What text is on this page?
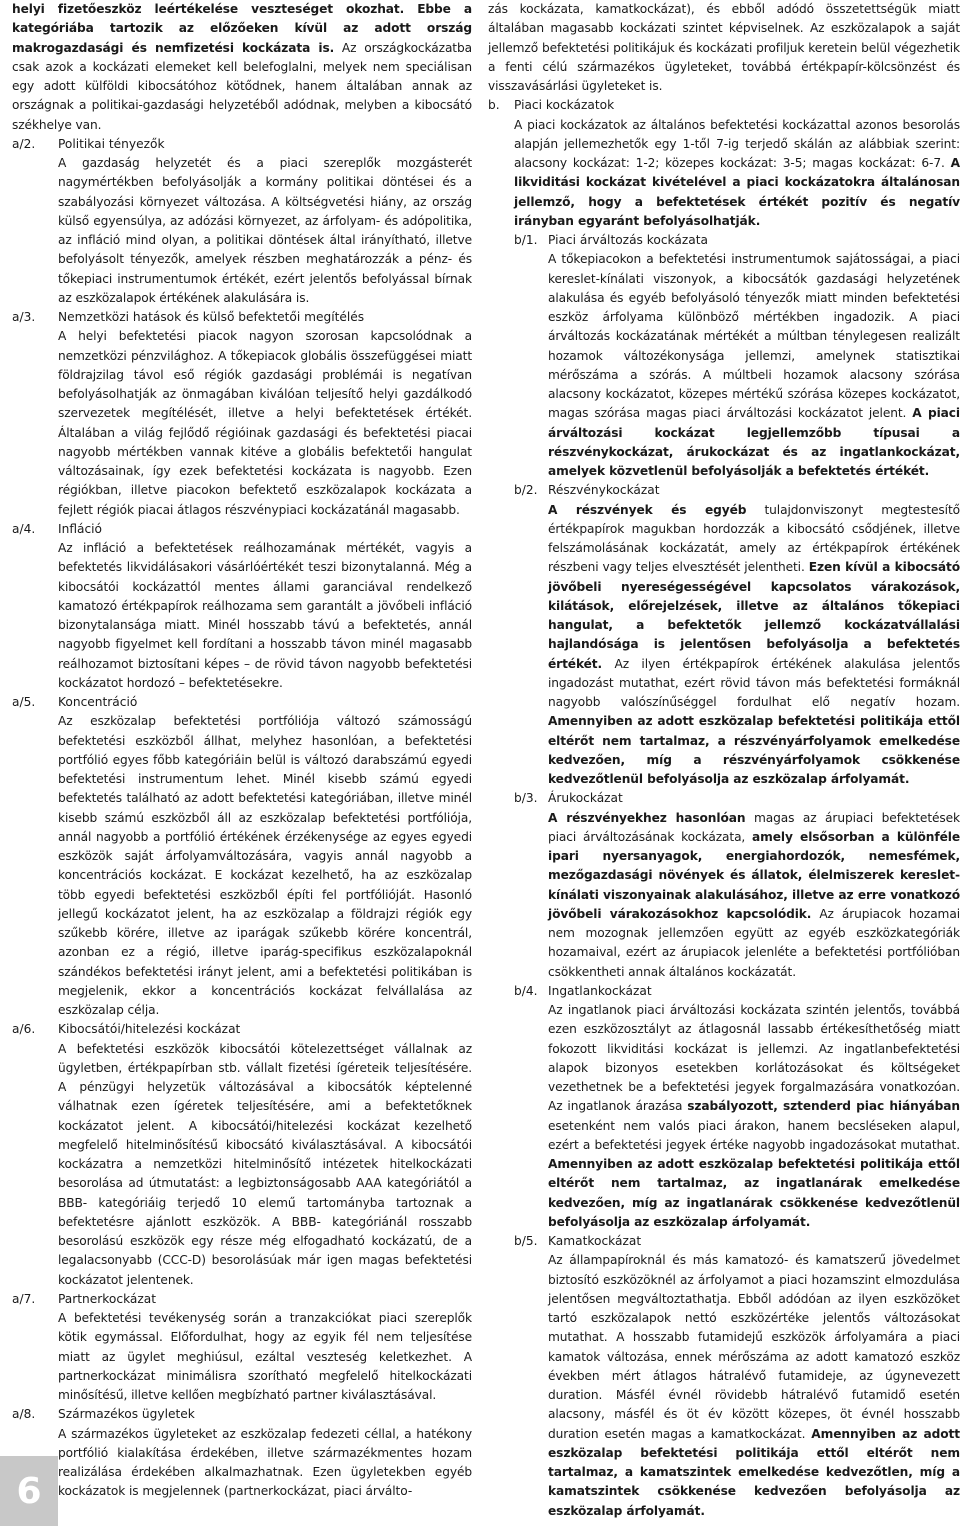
helyi fizetőeszköz leértékelése veszteséget okozhat. Ebbe a kategóriába tartozik az előzőeken kívül az adott ország makrogazdasági és nemfizetési kockázata is. Az országkockázatba csak azok a kockázati elemeket kell belefoglalni, melyek nem speciálisan egy adott külföldi kibocsátóhoz kötődnek, hanem általában annak az országnak a politikai-gazdasági helyzetéből adódnak, melyben a kibocsátó székhelye van.

a/2. Politikai tényezők

A gazdaság helyzetét és a piaci szereplők mozgásterét nagymértékben befolyásolják a kormány politikai döntései és a szabályozási környezet változása. A költségvetési hiány, az ország külső egyensúlya, az adózási környezet, az árfolyam- és adópolitika, az infláció mind olyan, a politikai döntések által irányítható, illetve befolyásolt tényezők, amelyek részben meghatározzák a pénz- és tőkepiaci instrumentumok értékét, ezért jelentős befolyással bírnak az eszközalapok értékének alakulására is.

a/3. Nemzetközi hatások és külső befektetői megítélés

A helyi befektetési piacok nagyon szorosan kapcsolódnak a nemzetközi pénzvilághoz. A tőkepiacok globális összefüggései miatt földrajzilag távol eső régiók gazdasági problémái is negatívan befolyásolhatják az önmagában kiválóan teljesítő helyi gazdálkodó szervezetek megítélését, illetve a helyi befektetések értékét. Általában a világ fejlődő régióinak gazdasági és befektetési piacai nagyobb mértékben vannak kitéve a globális befektetői hangulat változásainak, így ezek befektetési kockázata is nagyobb. Ezen régiókban, illetve piacokon befektető eszközalapok kockázata a fejlett régiók piacai átlagos részvénypiaci kockázatánál magasabb.

a/4. Infláció

Az infláció a befektetések reálhozamának mértékét, vagyis a befektetés likvidálásakori vásárlóértékét teszi bizonytalanná. Még a kibocsátói kockázattól mentes állami garanciával rendelkező kamatozó értékpapírok reálhozama sem garantált a jövőbeli infláció bizonytalansága miatt. Minél hosszabb távú a befektetés, annál nagyobb figyelmet kell fordítani a hosszabb távon minél magasabb reálhozamot biztosítani képes – de rövid távon nagyobb befektetési kockázatot hordozó – befektetésekre.

a/5. Koncentráció

Az eszközalap befektetési portfóliója változó számosságú befektetési eszközből állhat, melyhez hasonlóan, a befektetési portfólió egyes főbb kategóriáin belül is változó darabszámú egyedi befektetési instrumentum lehet. Minél kisebb számú egyedi befektetés található az adott befektetési kategóriában, illetve minél kisebb számú eszközből áll az eszközalap befektetési portfóliója, annál nagyobb a portfólió értékének érzékenysége az egyes egyedi eszközök saját árfolyamváltozására, vagyis annál nagyobb a koncentrációs kockázat. E kockázat kezelhető, ha az eszközalap több egyedi befektetési eszközből építi fel portfólióját. Hasonló jellegű kockázatot jelent, ha az eszközalap a földrajzi régiók egy szűkebb körére, illetve az iparágak szűkebb körére koncentrál, azonban ez a régió, illetve iparág-specifikus eszközalapoknál szándékos befektetési irányt jelent, ami a befektetési politikában is megjelenik, ekkor a koncentrációs kockázat felvállalása az eszközalap célja.

a/6. Kibocsátói/hitelezési kockázat

A befektetési eszközök kibocsátói kötelezettséget vállalnak az ügyletben, értékpapírban stb. vállalt fizetési ígéreteik teljesítésére. A pénzügyi helyzetük változásával a kibocsátók képtelenné válhatnak ezen ígéretek teljesítésére, ami a befektetőknek kockázatot jelent. A kibocsátói/hitelezési kockázat kezelhető megfelelő hitelminősítésű kibocsátó kiválasztásával. A kibocsátói kockázatra a nemzetközi hitelminősítő intézetek hitelkockázati besorolása ad útmutatást: a legbiztonságosabb AAA kategóriától a BBB- kategóriáig terjedő 10 elemű tartományba tartoznak a befektetésre ajánlott eszközök. A BBB- kategóriánál rosszabb besorolású eszközök egy része még elfogadható kockázatú, de a legalacsonyabb (CCC-D) besorolásúak már igen magas befektetési kockázatot jelentenek.

a/7. Partnerkockázat

A befektetési tevékenység során a tranzakciókat piaci szereplők kötik egymással. Előfordulhat, hogy az egyik fél nem teljesítése miatt az ügylet meghiúsul, ezáltal veszteség keletkezhet. A partnerkockázat minimálisra szorítható megfelelő hitelkockázati minősítésű, illetve kellően megbízható partner kiválasztásával.

a/8. Származékos ügyletek

A származékos ügyleteket az eszközalap fedezeti céllal, a hatékony portfólió kialakítása érdekében, illetve származékmentes hozam realizálása érdekében alkalmazhatnak. Ezen ügyletekben egyéb kockázatok is megjelennek (partnerkockázat, piaci árválto-

zás kockázata, kamatkockázat), és ebből adódó összetettségük miatt általában magasabb kockázati szintet képviselnek. Az eszközalapok a saját jellemző befektetési politikájuk és kockázati profiljuk keretein belül végezhetik a fenti célú származékos ügyleteket, továbbá értékpapír-kölcsönzést és visszavásárlási ügyleteket is.

b. Piaci kockázatok

A piaci kockázatok az általános befektetési kockázattal azonos besorolás alapján jellemezhetők egy 1-től 7-ig terjedő skálán az alábbiak szerint: alacsony kockázat: 1-2; közepes kockázat: 3-5; magas kockázat: 6-7. A likviditási kockázat kivételével a piaci kockázatokra általánosan jellemző, hogy a befektetések értékét pozitív és negatív irányban egyaránt befolyásolhatják.

b/1. Piaci árváltozás kockázata

A tőkepiacokon a befektetési instrumentumok sajátosságai, a piaci kereslet-kínálati viszonyok, a kibocsátók gazdasági helyzetének alakulása és egyéb befolyásoló tényezők miatt minden befektetési eszköz árfolyama különböző mértékben ingadozik. A piaci árváltozás kockázatának mértékét a múltban ténylegesen realizált hozamok változékonysága jellemzi, amelynek statisztikai mérőszáma a szórás. A múltbeli hozamok alacsony szórása alacsony kockázatot, közepes mértékű szórása közepes kockázatot, magas szórása magas piaci árváltozási kockázatot jelent. A piaci árváltozási kockázat legjellemzőbb típusai a részvénykockázat, árukockázat és az ingatlankockázat, amelyek közvetlenül befolyásolják a befektetés értékét.

b/2. Részvénykockázat

A részvények és egyéb tulajdonviszonyt megtestesítő értékpapírok magukban hordozzák a kibocsátó csődjének, illetve felszámolásának kockázatát, amely az értékpapírok értékének részbeni vagy teljes elvesztését jelentheti. Ezen kívül a kibocsátó jövőbeli nyereségességével kapcsolatos várakozások, kilátások, előrejelzések, illetve az általános tőkepiaci hangulat, a befektetők jellemző kockázatvállalási hajlandósága is jelentősen befolyásolja a befektetés értékét. Az ilyen értékpapírok értékének alakulása jelentős ingadozást mutathat, ezért rövid távon más befektetési formáknál nagyobb valószínűséggel fordulhat elő negatív hozam. Amennyiben az adott eszközalap befektetési politikája ettől eltérőt nem tartalmaz, a részvényárfolyamok emelkedése kedvezően, míg a részvényárfolyamok csökkenése kedvezőtlenül befolyásolja az eszközalap árfolyamát.

b/3. Árukockázat

A részvényekhez hasonlóan magas az árupiaci befektetések piaci árváltozásának kockázata, amely elsősorban a különféle ipari nyersanyagok, energiahordozók, nemesfémek, mezőgazdasági növények és állatok, élelmiszerek kereslet-kínálati viszonyainak alakulásához, illetve az erre vonatkozó jövőbeli várakozásokhoz kapcsolódik. Az árupiacok hozamai nem mozognak jellemzően együtt az egyéb eszközkategóriák hozamaival, ezért az árupiacok jelenléte a befektetési portfólióban csökkentheti annak általános kockázatát.

b/4. Ingatlankockázat

Az ingatlanok piaci árváltozási kockázata szintén jelentős, továbbá ezen eszközosztályt az átlagosnál lassabb értékesíthetőség miatt fokozott likviditási kockázat is jellemzi. Az ingatlanbefektetési alapok bizonyos esetekben korlátozásokat és költségeket vezethetnek be a befektetési jegyek forgalmazására vonatkozóan. Az ingatlanok árazása szabályozott, sztenderd piac hiányában esetenként nem valós piaci árakon, hanem becsléseken alapul, ezért a befektetési jegyek értéke nagyobb ingadozásokat mutathat. Amennyiben az adott eszközalap befektetési politikája ettől eltérőt nem tartalmaz, az ingatlanárak emelkedése kedvezően, míg az ingatlanárak csökkenése kedvezőtlenül befolyásolja az eszközalap árfolyamát.

b/5. Kamatkockázat

Az állampapíroknál és más kamatozó- és kamatszerű jövedelmet biztosító eszközöknél az árfolyamot a piaci hozamszint elmozdulása jelentősen megváltoztathatja. Ebből adódóan az ilyen eszközöket tartó eszközalapok nettó eszközértéke jelentős változásokat mutathat. A hosszabb futamidejű eszközök árfolyamára a piaci kamatok változása, ennek mérőszáma az adott kamatozó eszköz években mért átlagos hátralévő futamideje, az úgynevezett duration. Másfél évnél rövidebb hátralévő futamidő esetén alacsony, másfél és öt év között közepes, öt évnél hosszabb duration esetén magas a kamatkockázat. Amennyiben az adott eszközalap befektetési politikája ettől eltérőt nem tartalmaz, a kamatszintek emelkedése kedvezőtlen, míg a kamatszintek csökkenése kedvezően befolyásolja az eszközalap árfolyamát.

6
